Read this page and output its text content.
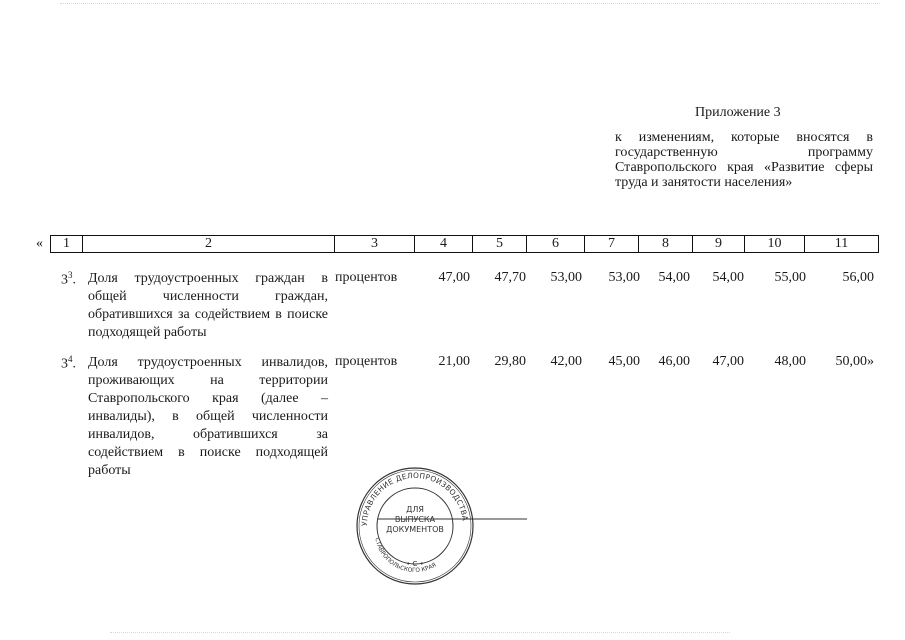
Приложение 3
к изменениям, которые вносятся в государственную программу Ставропольского края «Развитие сферы труда и занятости населения»
« 1	2	3	4	5	6	7	8	9	10	11
$3^3$. Доля трудоустроенных граждан в общей численности граждан, обратившихся за содействием в поиске подходящей работы
процентов	47,00	47,70	53,00	53,00	54,00	54,00	55,00	56,00
$3^4$. Доля трудоустроенных инвалидов, проживающих на территории Ставропольского края (далее – инвалиды), в общей численности инвалидов, обратившихся за содействием в поиске подходящей работы
процентов	21,00	29,80	42,00	45,00	46,00	47,00	48,00	50,00»
УПРАВЛЕНИЕ ДЕЛОПРОИЗВОДСТВА
СТАВРОПОЛЬСКОГО КРАЯ
ДЛЯ
ВЫПУСКА
ДОКУМЕНТОВ
• С •
